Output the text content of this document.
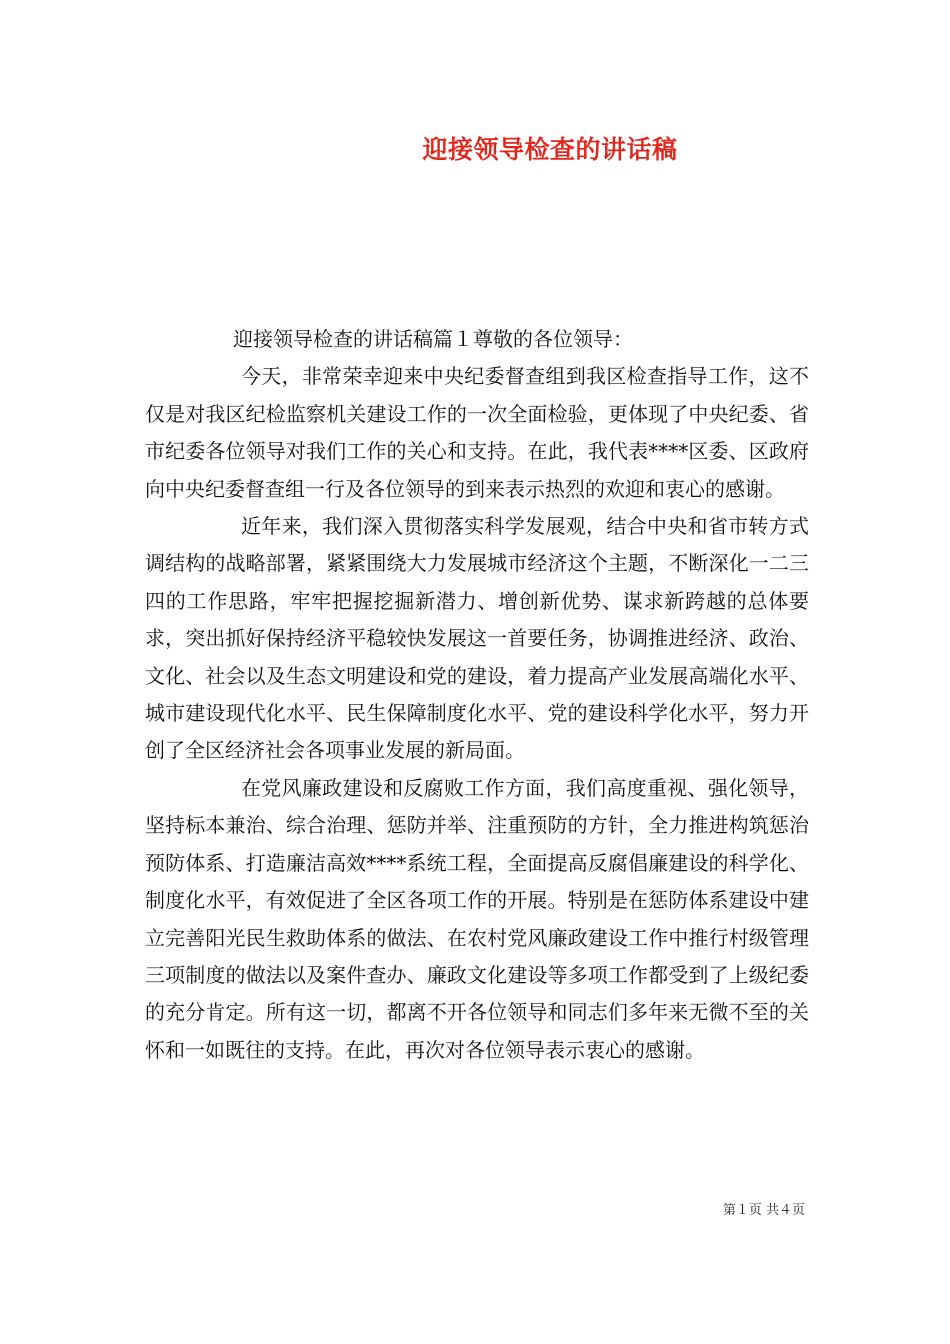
迎接领导检查的讲话稿

迎接领导检查的讲话稿篇１尊敬的各位领导：

今天，非常荣幸迎来中央纪委督查组到我区检查指导工作，这不仅是对我区纪检监察机关建设工作的一次全面检验，更体现了中央纪委、省市纪委各位领导对我们工作的关心和支持。在此，我代表****区委、区政府向中央纪委督查组一行及各位领导的到来表示热烈的欢迎和衷心的感谢。

近年来，我们深入贯彻落实科学发展观，结合中央和省市转方式调结构的战略部署，紧紧围绕大力发展城市经济这个主题，不断深化一二三四的工作思路，牢牢把握挖掘新潜力、增创新优势、谋求新跨越的总体要求，突出抓好保持经济平稳较快发展这一首要任务，协调推进经济、政治、文化、社会以及生态文明建设和党的建设，着力提高产业发展高端化水平、城市建设现代化水平、民生保障制度化水平、党的建设科学化水平，努力开创了全区经济社会各项事业发展的新局面。

在党风廉政建设和反腐败工作方面，我们高度重视、强化领导，坚持标本兼治、综合治理、惩防并举、注重预防的方针，全力推进构筑惩治预防体系、打造廉洁高效****系统工程，全面提高反腐倡廉建设的科学化、制度化水平，有效促进了全区各项工作的开展。特别是在惩防体系建设中建立完善阳光民生救助体系的做法、在农村党风廉政建设工作中推行村级管理三项制度的做法以及案件查办、廉政文化建设等多项工作都受到了上级纪委的充分肯定。所有这一切，都离不开各位领导和同志们多年来无微不至的关怀和一如既往的支持。在此，再次对各位领导表示衷心的感谢。

第１页 共４页
